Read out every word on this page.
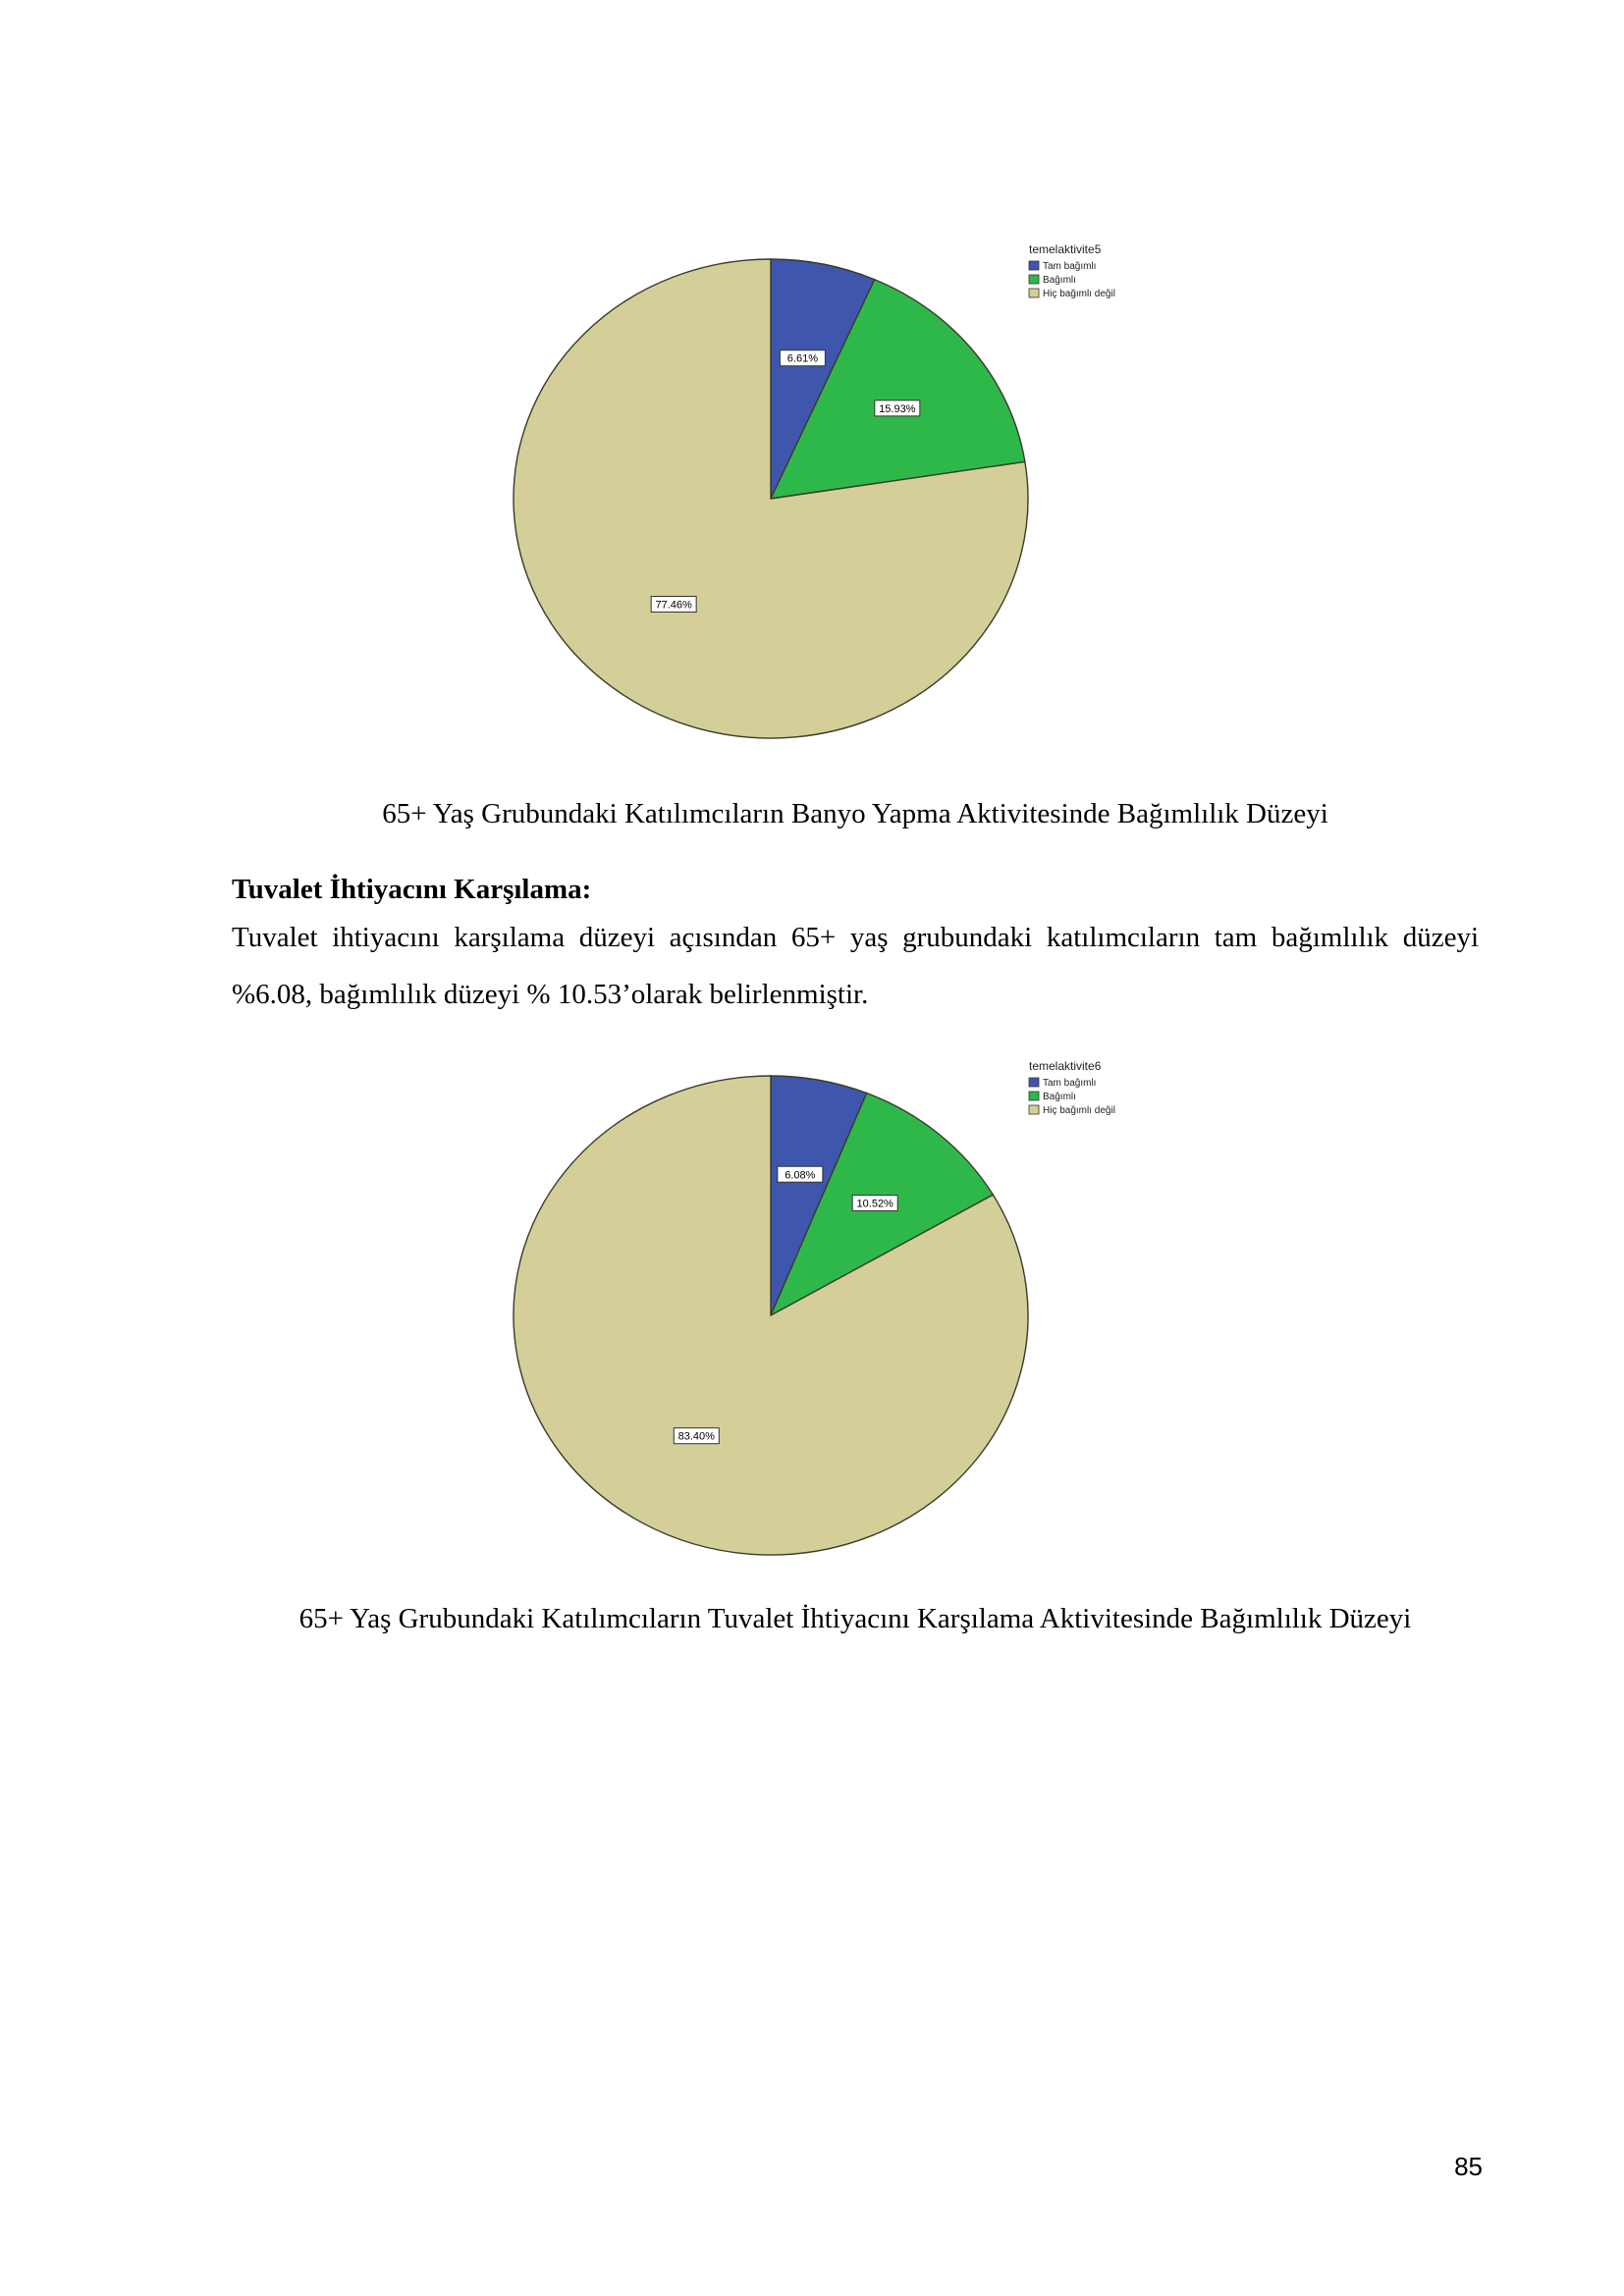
6.61%
15.93%
77.46%
temelaktivite5
Tam bağımlı
Bağımlı
Hiç bağımlı değil
65+ Yaş Grubundaki Katılımcıların Banyo Yapma Aktivitesinde Bağımlılık Düzeyi
Tuvalet İhtiyacını Karşılama:
Tuvalet ihtiyacını karşılama düzeyi açısından 65+ yaş grubundaki katılımcıların tam bağımlılık düzeyi %6.08, bağımlılık düzeyi % 10.53’olarak belirlenmiştir.
6.08%
10.52%
83.40%
temelaktivite6
Tam bağımlı
Bağımlı
Hiç bağımlı değil
65+ Yaş Grubundaki Katılımcıların Tuvalet İhtiyacını Karşılama Aktivitesinde Bağımlılık Düzeyi
85
